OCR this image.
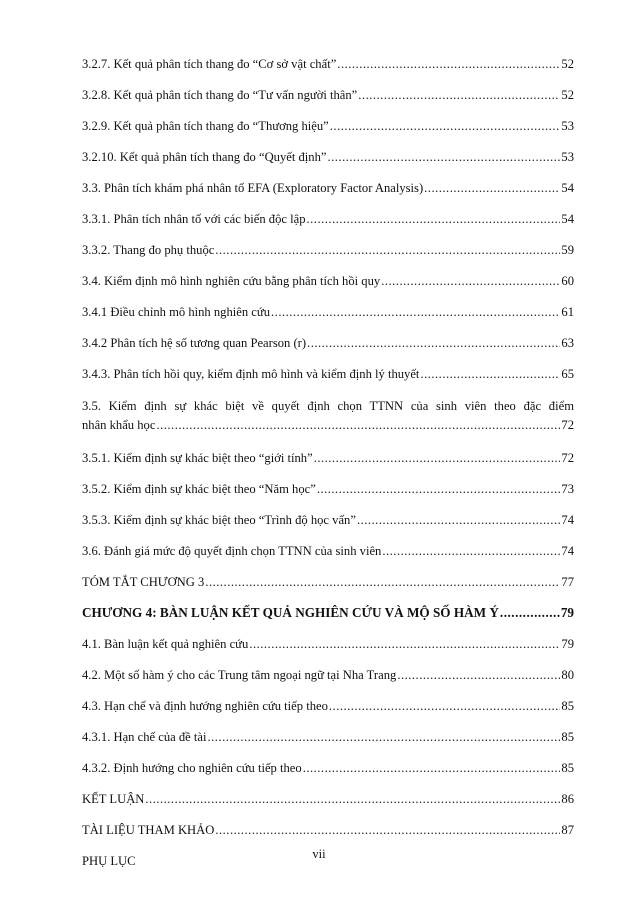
3.2.7. Kết quả phân tích thang đo “Cơ sở vật chất” .....	52
3.2.8. Kết quả phân tích thang đo “Tư vấn người thân” .....	52
3.2.9. Kết quả phân tích thang đo “Thương hiệu” .....	53
3.2.10. Kết quả phân tích thang đo “Quyết định” .....	53
3.3. Phân tích khám phá nhân tố EFA (Exploratory Factor Analysis) .....	54
3.3.1. Phân tích nhân tố với các biến độc lập .....	54
3.3.2. Thang đo phụ thuộc .....	59
3.4. Kiểm định mô hình nghiên cứu bằng phân tích hồi quy .....	60
3.4.1 Điều chỉnh mô hình nghiên cứu .....	61
3.4.2 Phân tích hệ số tương quan Pearson (r) .....	63
3.4.3. Phân tích hồi quy, kiểm định mô hình và kiểm định lý thuyết .....	65
3.5. Kiểm định sự khác biệt về quyết định chọn TTNN của sinh viên theo đặc điểm
nhân khẩu học .....	72
3.5.1. Kiểm định sự khác biệt theo “giới tính” .....	72
3.5.2. Kiểm định sự khác biệt theo “Năm học” .....	73
3.5.3. Kiểm định sự khác biệt theo “Trình độ học vấn” .....	74
3.6. Đánh giá mức độ quyết định chọn TTNN của sinh viên .....	74
TÓM TẮT CHƯƠNG 3 .....	77
CHƯƠNG 4: BÀN LUẬN KẾT QUẢ NGHIÊN CỨU VÀ MỘ SỐ HÀM Ý .....	79
4.1. Bàn luận kết quả nghiên cứu .....	79
4.2. Một số hàm ý cho các Trung tâm ngoại ngữ tại Nha Trang .....	80
4.3. Hạn chế và định hướng nghiên cứu tiếp theo .....	85
4.3.1. Hạn chế của đề tài .....	85
4.3.2. Định hướng cho nghiên cứu tiếp theo .....	85
KẾT LUẬN .....	86
TÀI LIỆU THAM KHẢO .....	87
PHỤ LỤC	vii
